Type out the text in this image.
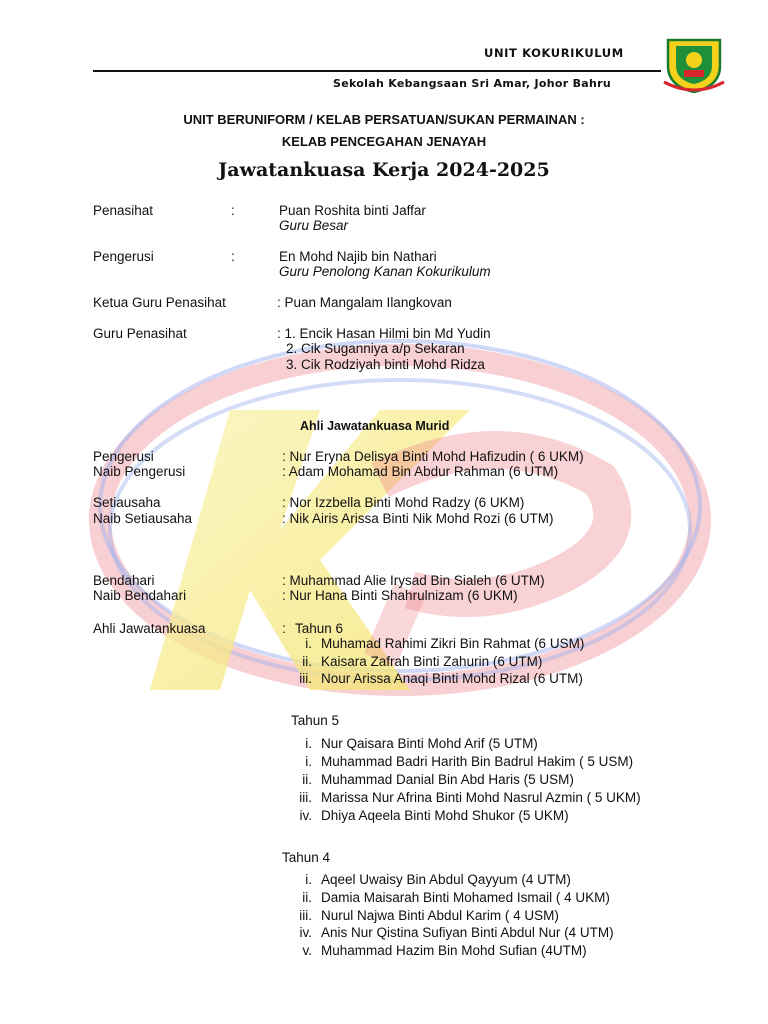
UNIT KOKURIKULUM
Sekolah Kebangsaan Sri Amar, Johor Bahru
UNIT BERUNIFORM / KELAB PERSATUAN/SUKAN PERMAINAN :
KELAB PENCEGAHAN JENAYAH
Jawatankuasa Kerja 2024-2025
Penasihat	:	Puan Roshita binti Jaffar
Guru Besar
Pengerusi	:	En Mohd Najib bin Nathari
Guru Penolong Kanan Kokurikulum
Ketua Guru Penasihat	: Puan Mangalam Ilangkovan
Guru Penasihat	: 1. Encik Hasan Hilmi bin Md Yudin
2. Cik Suganniya a/p Sekaran
3. Cik Rodziyah binti Mohd Ridza
Ahli Jawatankuasa Murid
Pengerusi	: Nur Eryna Delisya Binti Mohd Hafizudin ( 6 UKM)
Naib Pengerusi	: Adam Mohamad Bin Abdur Rahman (6 UTM)
Setiausaha	: Nor Izzbella Binti Mohd Radzy (6 UKM)
Naib Setiausaha	: Nik Airis Arissa Binti Nik Mohd Rozi (6 UTM)
Bendahari	: Muhammad Alie Irysad Bin Sialeh (6 UTM)
Naib Bendahari	: Nur Hana Binti Shahrulnizam (6 UKM)
Ahli Jawatankuasa	: Tahun 6
i. Muhamad Rahimi Zikri Bin Rahmat (6 USM)
ii. Kaisara Zafrah Binti Zahurin (6 UTM)
iii. Nour Arissa Anaqi Binti Mohd Rizal (6 UTM)
Tahun 5
i. Nur Qaisara Binti Mohd Arif (5 UTM)
i. Muhammad Badri Harith Bin Badrul Hakim ( 5 USM)
ii. Muhammad Danial Bin Abd Haris (5 USM)
iii. Marissa Nur Afrina Binti Mohd Nasrul Azmin ( 5 UKM)
iv. Dhiya Aqeela Binti Mohd Shukor (5 UKM)
Tahun 4
i. Aqeel Uwaisy Bin Abdul Qayyum (4 UTM)
ii. Damia Maisarah Binti Mohamed Ismail ( 4 UKM)
iii. Nurul Najwa Binti Abdul Karim ( 4 USM)
iv. Anis Nur Qistina Sufiyan Binti Abdul Nur (4 UTM)
v. Muhammad Hazim Bin Mohd Sufian (4UTM)
